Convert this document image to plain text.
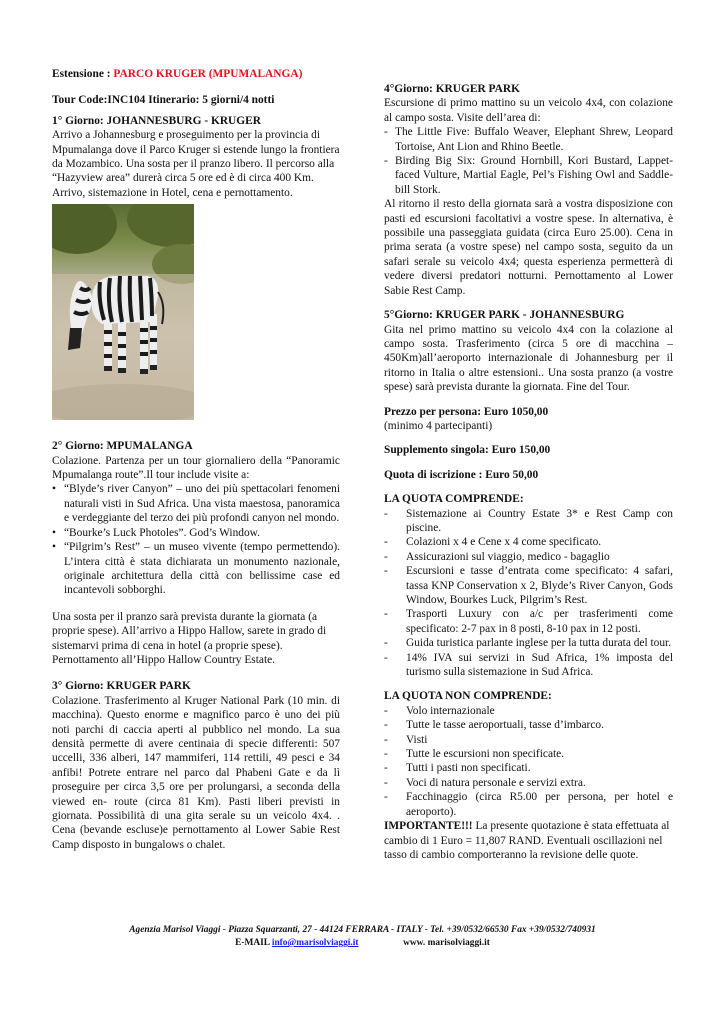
Estensione : PARCO KRUGER (MPUMALANGA)

Tour Code:INC104 Itinerario: 5 giorni/4 notti

1° Giorno: JOHANNESBURG - KRUGER

Arrivo a Johannesburg e proseguimento per la provincia di Mpumalanga dove il Parco Kruger si estende lungo la frontiera da Mozambico. Una sosta per il pranzo libero. Il percorso alla “Hazyview area” durerà circa 5 ore ed è di circa 400 Km. Arrivo, sistemazione in Hotel, cena e pernottamento.

2° Giorno: MPUMALANGA

Colazione. Partenza per un tour giornaliero della “Panoramic Mpumalanga route”.Il tour include visite a:

• “Blyde’s river Canyon” – uno dei più spettacolari fenomeni naturali visti in Sud Africa. Una vista maestosa, panoramica e verdeggiante del terzo dei più profondi canyon nel mondo.
• “Bourke’s Luck Photoles”. God’s Window.
• “Pilgrim’s Rest” – un museo vivente (tempo permettendo). L’intera città è stata dichiarata un monumento nazionale, originale architettura della città con bellissime case ed incantevoli sobborghi.

Una sosta per il pranzo sarà prevista durante la giornata (a proprie spese). All’arrivo a Hippo Hallow, sarete in grado di sistemarvi prima di cena in hotel (a proprie spese). Pernottamento all’Hippo Hallow Country Estate.

3° Giorno: KRUGER PARK

Colazione. Trasferimento al Kruger National Park (10 min. di macchina). Questo enorme e magnifico parco è uno dei più noti parchi di caccia aperti al pubblico nel mondo. La sua densità permette di avere centinaia di specie differenti: 507 uccelli, 336 alberi, 147 mammiferi, 114 rettili, 49 pesci e 34 anfibi! Potrete entrare nel parco dal Phabeni Gate e da lì proseguire per circa 3,5 ore per prolungarsi, a seconda della viewed en- route (circa 81 Km). Pasti liberi previsti in giornata. Possibilità di una gita serale su un veicolo 4x4. . Cena (bevande escluse)e pernottamento al Lower Sabie Rest Camp disposto in bungalows o chalet.

4°Giorno: KRUGER PARK

Escursione di primo mattino su un veicolo 4x4, con colazione al campo sosta. Visite dell’area di:

- The Little Five: Buffalo Weaver, Elephant Shrew, Leopard Tortoise, Ant Lion and Rhino Beetle.
- Birding Big Six: Ground Hornbill, Kori Bustard, Lappet-faced Vulture, Martial Eagle, Pel’s Fishing Owl and Saddle-bill Stork.

Al ritorno il resto della giornata sarà a vostra disposizione con pasti ed escursioni facoltativi a vostre spese. In alternativa, è possibile una passeggiata guidata (circa Euro 25.00). Cena in prima serata (a vostre spese) nel campo sosta, seguito da un safari serale su veicolo 4x4; questa esperienza permetterà di vedere diversi predatori notturni. Pernottamento al Lower Sabie Rest Camp.

5°Giorno: KRUGER PARK - JOHANNESBURG

Gita nel primo mattino su veicolo 4x4 con la colazione al campo sosta. Trasferimento (circa 5 ore di macchina – 450Km)all’aeroporto internazionale di Johannesburg per il ritorno in Italia o altre estensioni.. Una sosta pranzo (a vostre spese) sarà prevista durante la giornata. Fine del Tour.

Prezzo per persona: Euro 1050,00

(minimo 4 partecipanti)

Supplemento singola: Euro 150,00

Quota di iscrizione : Euro 50,00

LA QUOTA COMPRENDE:

- Sistemazione ai Country Estate 3* e Rest Camp con piscine.
- Colazioni x 4 e Cene x 4 come specificato.
- Assicurazioni sul viaggio, medico - bagaglio
- Escursioni e tasse d’entrata come specificato: 4 safari, tassa KNP Conservation x 2, Blyde’s River Canyon, Gods Window, Bourkes Luck, Pilgrim’s Rest.
- Trasporti Luxury con a/c per trasferimenti come specificato: 2-7 pax in 8 posti, 8-10 pax in 12 posti.
- Guida turistica parlante inglese per la tutta durata del tour.
- 14% IVA sui servizi in Sud Africa, 1% imposta del turismo sulla sistemazione in Sud Africa.

LA QUOTA NON COMPRENDE:

- Volo internazionale
- Tutte le tasse aeroportuali, tasse d’imbarco.
- Visti
- Tutte le escursioni non specificate.
- Tutti i pasti non specificati.
- Voci di natura personale e servizi extra.
- Facchinaggio (circa R5.00 per persona, per hotel e aeroporto).

IMPORTANTE!!! La presente quotazione è stata effettuata al cambio di 1 Euro = 11,807 RAND. Eventuali oscillazioni nel tasso di cambio comporteranno la revisione delle quote.

Agenzia Marisol Viaggi - Piazza Squarzanti, 27 - 44124 FERRARA - ITALY - Tel. +39/0532/66530 Fax +39/0532/740931
E-MAIL info@marisolviaggi.it	www. marisolviaggi.it
